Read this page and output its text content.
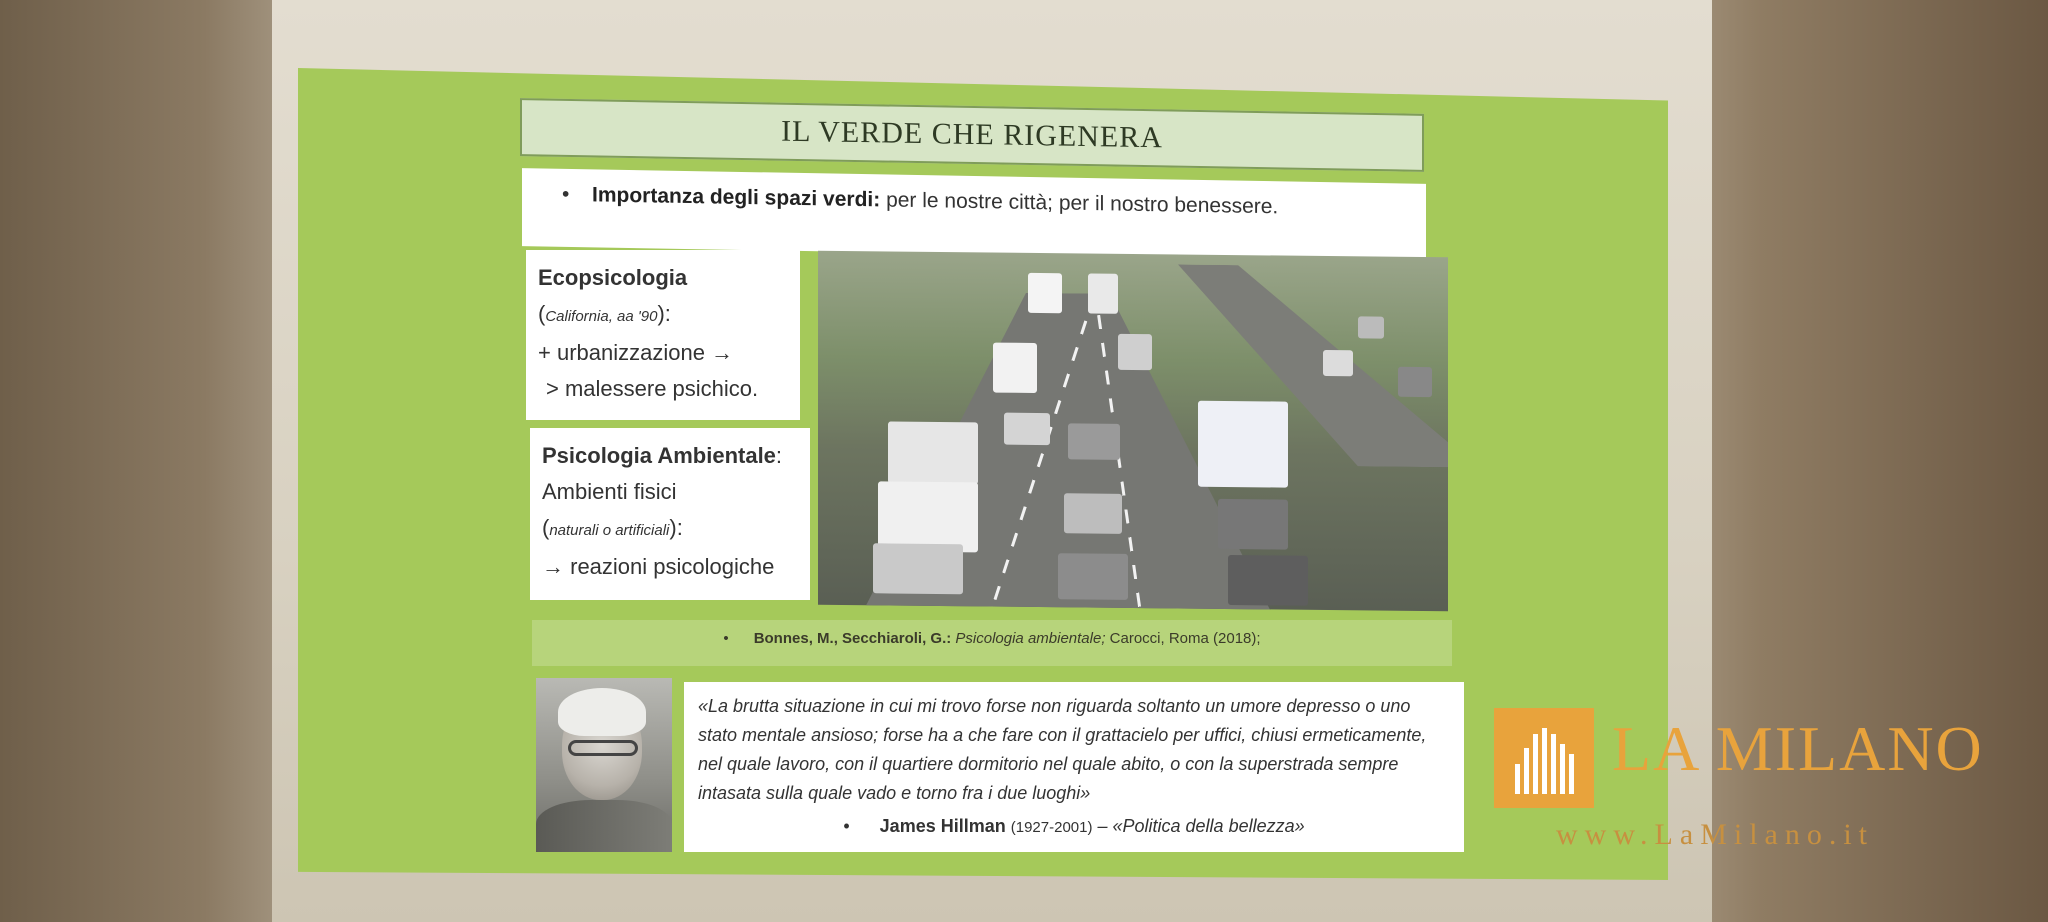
IL VERDE CHE RIGENERA
• Importanza degli spazi verdi: per le nostre città; per il nostro benessere.
Ecopsicologia
(California, aa '90):
+ urbanizzazione →
> malessere psichico.
Psicologia Ambientale:
Ambienti fisici
(naturali o artificiali):
→ reazioni psicologiche
•      Bonnes, M., Secchiaroli, G.: Psicologia ambientale; Carocci, Roma (2018);
«La brutta situazione in cui mi trovo forse non riguarda soltanto un umore depresso o uno stato mentale ansioso; forse ha a che fare con il grattacielo per uffici, chiusi ermeticamente, nel quale lavoro, con il quartiere dormitorio nel quale abito, o con la superstrada sempre intasata sulla quale vado e torno fra i due luoghi»
•      James Hillman (1927-2001) – «Politica della bellezza»
LA MILANO
www.LaMilano.it
